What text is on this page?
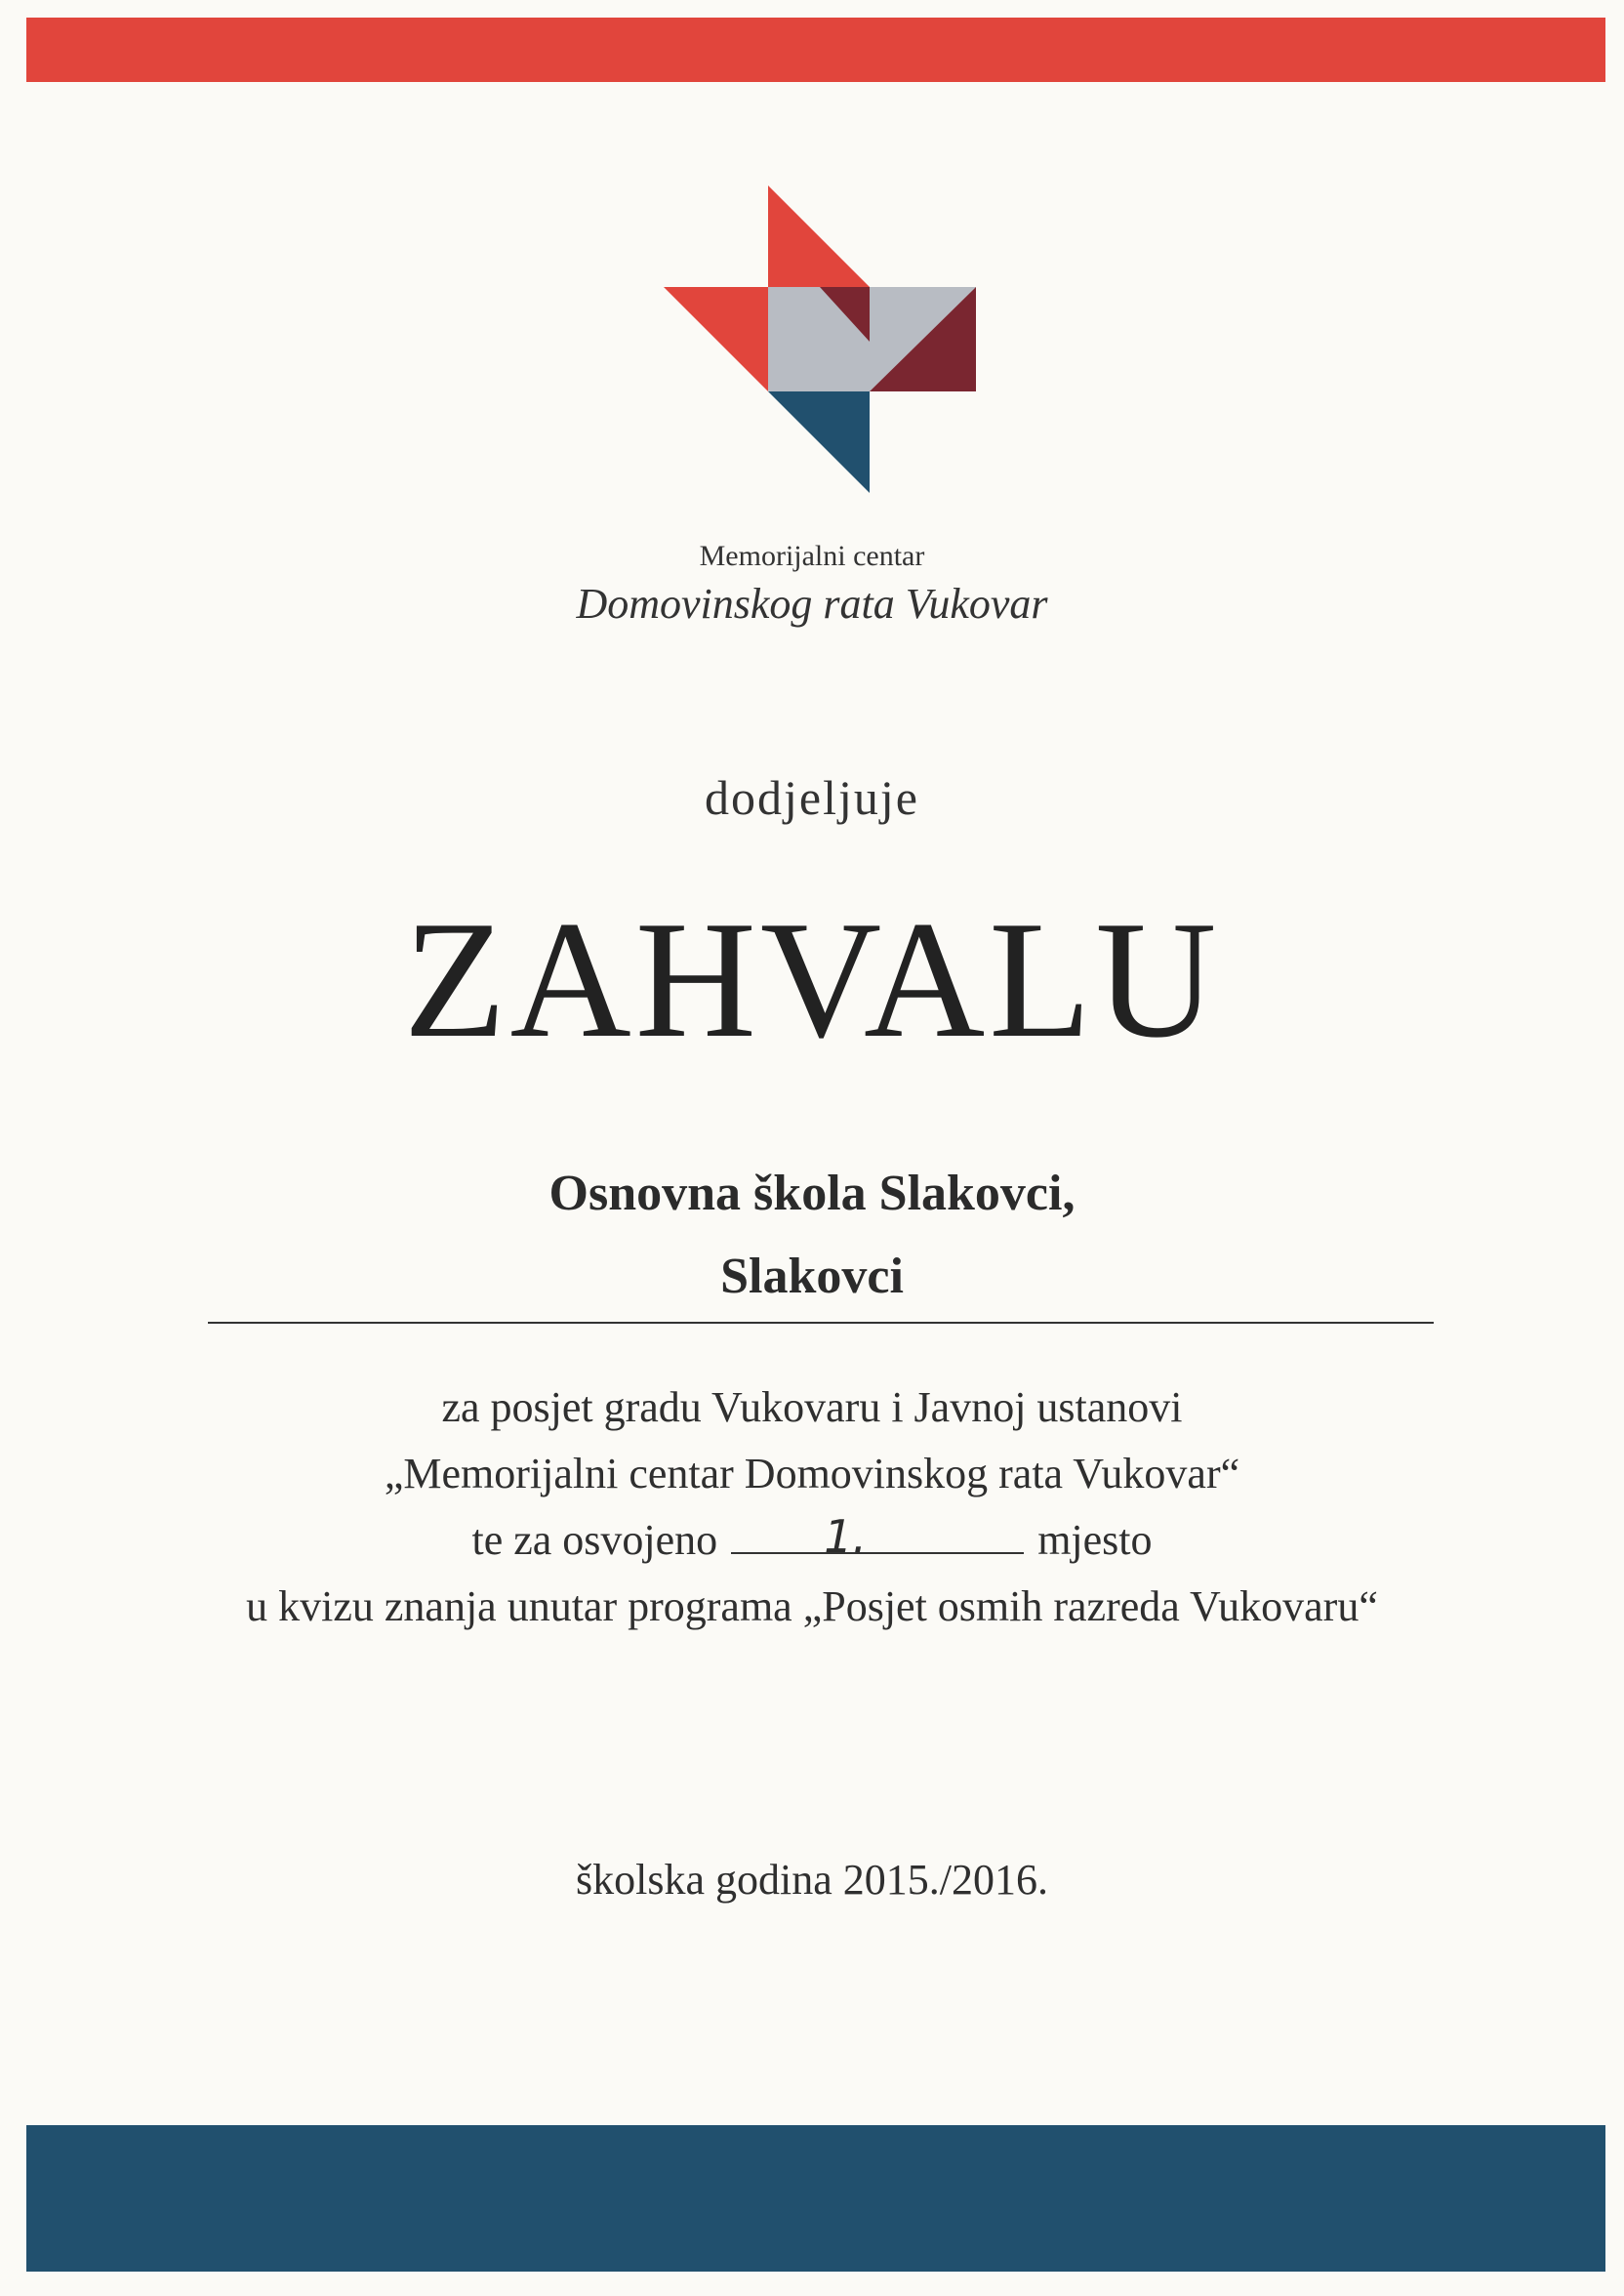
Memorijalni centar
Domovinskog rata Vukovar
dodjeljuje
ZAHVALU
Osnovna škola Slakovci,
Slakovci
za posjet gradu Vukovaru i Javnoj ustanovi
„Memorijalni centar Domovinskog rata Vukovar“
te za osvojeno 1.	mjesto
u kvizu znanja unutar programa „Posjet osmih razreda Vukovaru“
školska godina 2015./2016.
